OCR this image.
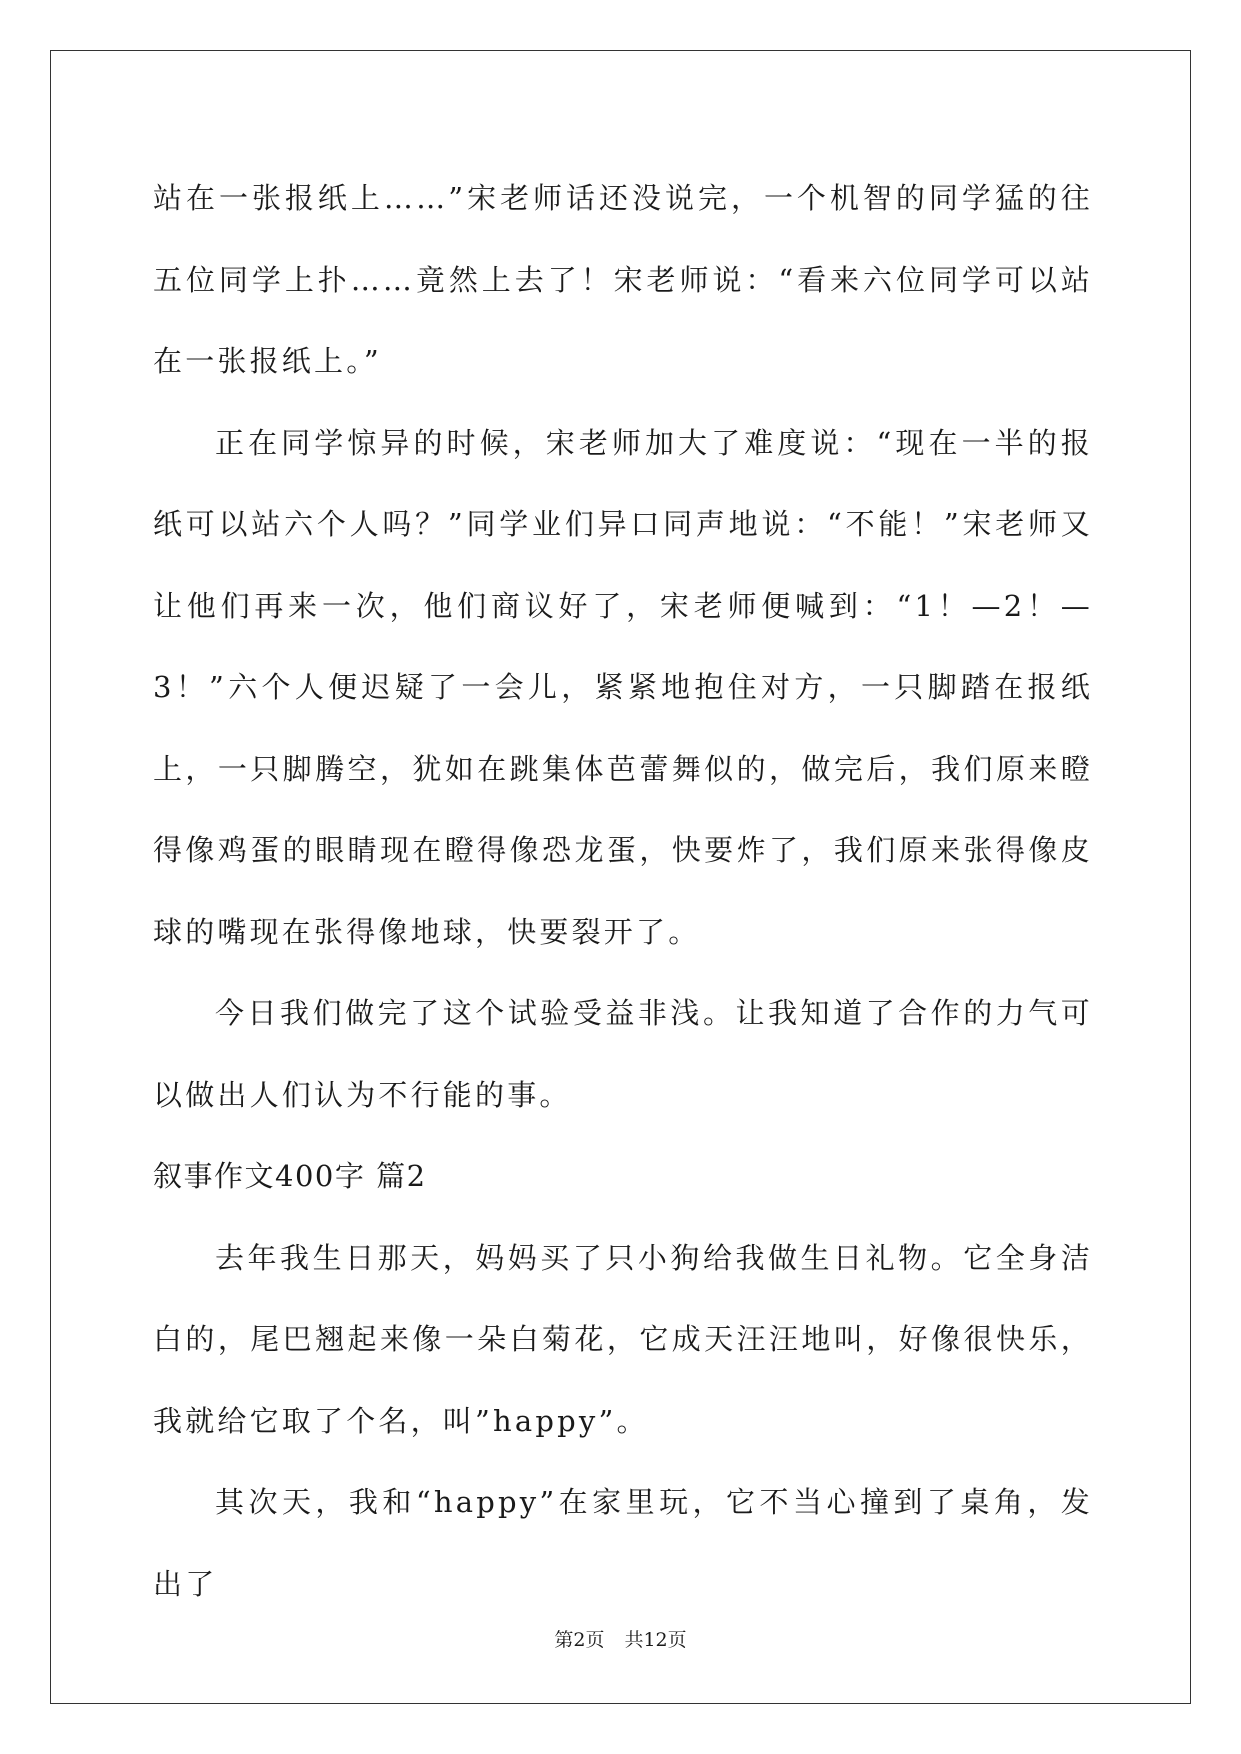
站在一张报纸上……”宋老师话还没说完，一个机智的同学猛的往五位同学上扑……竟然上去了！宋老师说：“看来六位同学可以站在一张报纸上。”

正在同学惊异的时候，宋老师加大了难度说：“现在一半的报纸可以站六个人吗？”同学业们异口同声地说：“不能！”宋老师又让他们再来一次，他们商议好了，宋老师便喊到：“1！—2！—3！”六个人便迟疑了一会儿，紧紧地抱住对方，一只脚踏在报纸上，一只脚腾空，犹如在跳集体芭蕾舞似的，做完后，我们原来瞪得像鸡蛋的眼睛现在瞪得像恐龙蛋，快要炸了，我们原来张得像皮球的嘴现在张得像地球，快要裂开了。

今日我们做完了这个试验受益非浅。让我知道了合作的力气可以做出人们认为不行能的事。

叙事作文400字 篇2

去年我生日那天，妈妈买了只小狗给我做生日礼物。它全身洁白的，尾巴翘起来像一朵白菊花，它成天汪汪地叫，好像很快乐，我就给它取了个名，叫”happy”。

其次天，我和“happy”在家里玩，它不当心撞到了桌角，发出了

第2页 共12页
